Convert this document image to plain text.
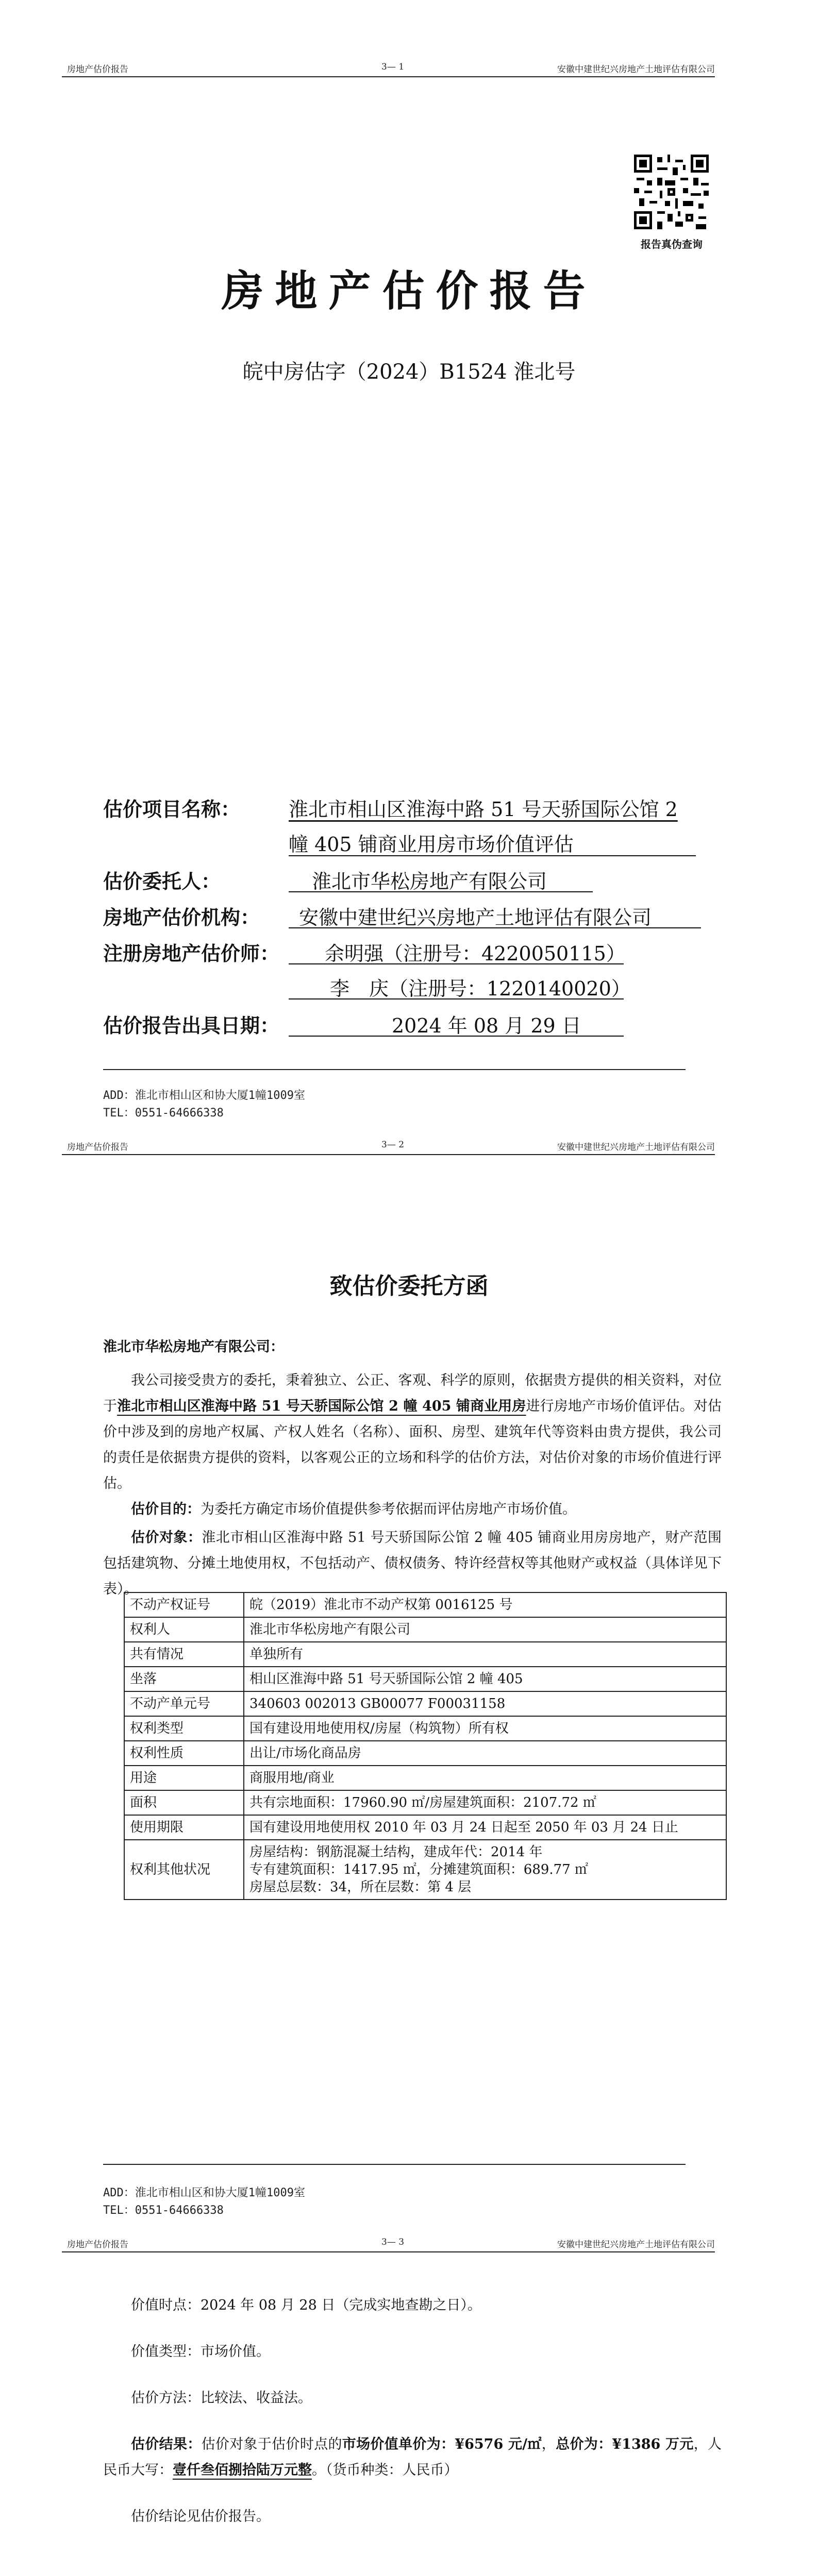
房地产估价报告	3— 1	安徽中建世纪兴房地产土地评估有限公司
报告真伪查询
房地产估价报告
皖中房估字（2024）B1524 淮北号
估价项目名称： 淮北市相山区淮海中路 51 号天骄国际公馆 2
幢 405 铺商业用房市场价值评估
估价委托人：	淮北市华松房地产有限公司
房地产估价机构： 安徽中建世纪兴房地产土地评估有限公司
注册房地产估价师： 余明强（注册号：4220050115）
李　庆（注册号：1220140020）
估价报告出具日期：	2024 年 08 月 29 日
ADD：淮北市相山区和协大厦1幢1009室
TEL：0551-64666338
房地产估价报告	3— 2	安徽中建世纪兴房地产土地评估有限公司
致估价委托方函
淮北市华松房地产有限公司：
我公司接受贵方的委托，秉着独立、公正、客观、科学的原则，依据贵方提供的相关资料，对位于淮北市相山区淮海中路 51 号天骄国际公馆 2 幢 405 铺商业用房进行房地产市场价值评估。对估价中涉及到的房地产权属、产权人姓名（名称）、面积、房型、建筑年代等资料由贵方提供，我公司的责任是依据贵方提供的资料，以客观公正的立场和科学的估价方法，对估价对象的市场价值进行评估。
估价目的：为委托方确定市场价值提供参考依据而评估房地产市场价值。
估价对象：淮北市相山区淮海中路 51 号天骄国际公馆 2 幢 405 铺商业用房房地产，财产范围包括建筑物、分摊土地使用权，不包括动产、债权债务、特许经营权等其他财产或权益（具体详见下表）。
不动产权证号	皖（2019）淮北市不动产权第 0016125 号
权利人	淮北市华松房地产有限公司
共有情况	单独所有
坐落	相山区淮海中路 51 号天骄国际公馆 2 幢 405
不动产单元号	340603 002013 GB00077 F00031158
权利类型	国有建设用地使用权/房屋（构筑物）所有权
权利性质	出让/市场化商品房
用途	商服用地/商业
面积	共有宗地面积：17960.90 ㎡/房屋建筑面积：2107.72 ㎡
使用期限	国有建设用地使用权 2010 年 03 月 24 日起至 2050 年 03 月 24 日止
权利其他状况	房屋结构：钢筋混凝土结构，建成年代：2014 年
专有建筑面积：1417.95 ㎡，分摊建筑面积：689.77 ㎡
房屋总层数：34，所在层数：第 4 层
ADD：淮北市相山区和协大厦1幢1009室
TEL：0551-64666338
房地产估价报告	3— 3	安徽中建世纪兴房地产土地评估有限公司
价值时点：2024 年 08 月 28 日（完成实地查勘之日）。
价值类型：市场价值。
估价方法：比较法、收益法。
估价结果：估价对象于估价时点的市场价值单价为：¥6576 元/㎡，总价为：¥1386 万元，人民币大写：壹仟叁佰捌拾陆万元整。（货币种类：人民币）
估价结论见估价报告。
